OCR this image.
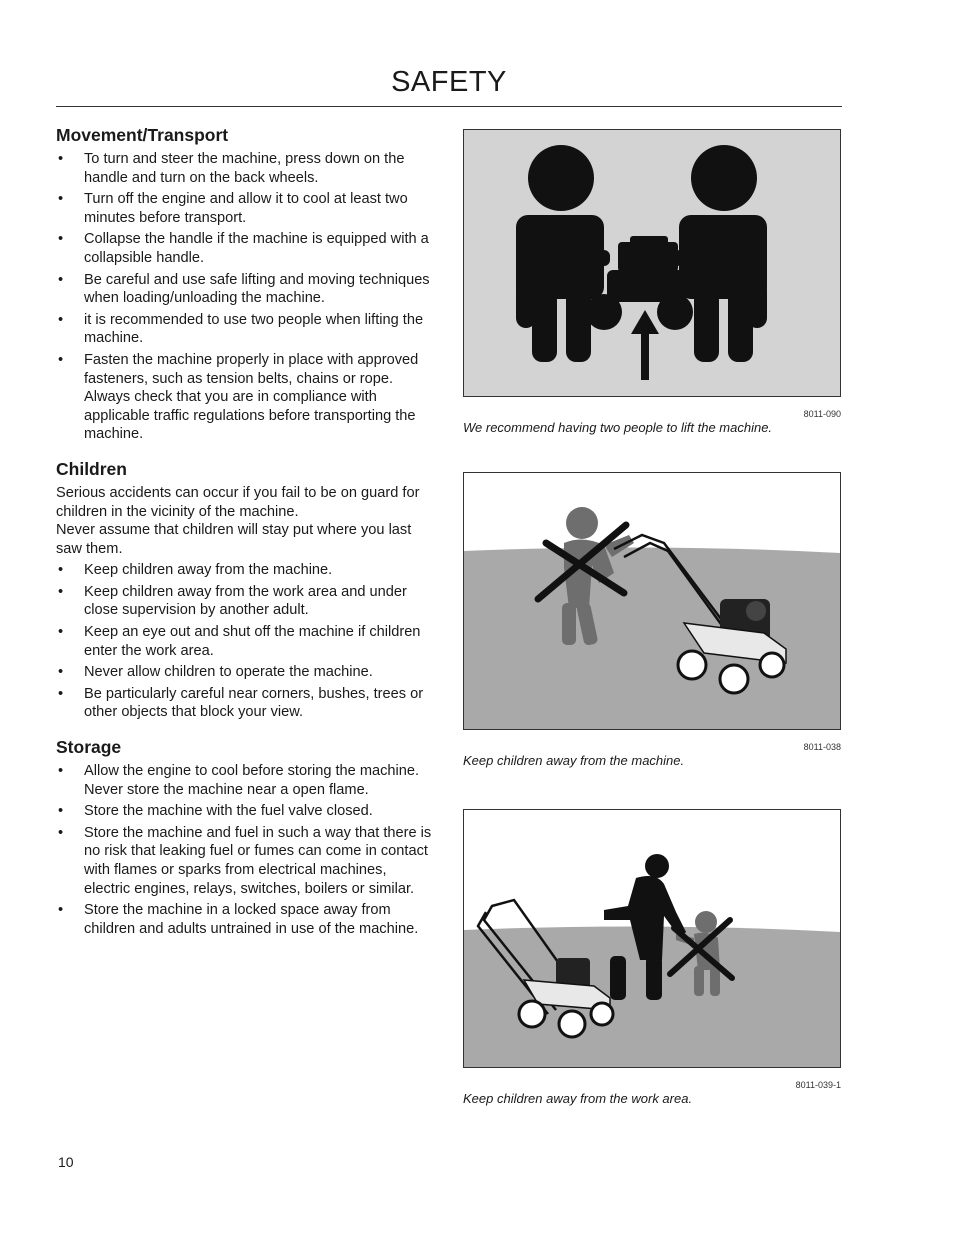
SAFETY
Movement/Transport
• To turn and steer the machine, press down on the handle and turn on the back wheels.
• Turn off the engine and allow it to cool at least two minutes before transport.
• Collapse the handle if the machine is equipped with a collapsible handle.
• Be careful and use safe lifting and moving techniques when loading/unloading the machine.
• it is recommended to use two people when lifting the machine.
• Fasten the machine properly in place with approved fasteners, such as tension belts, chains or rope. Always check that you are in compliance with applicable traffic regulations before transporting the machine.
Children

Serious accidents can occur if you fail to be on guard for children in the vicinity of the machine.

Never assume that children will stay put where you last saw them.

• Keep children away from the machine.
• Keep children away from the work area and under close supervision by another adult.
• Keep an eye out and shut off the machine if children enter the work area.
• Never allow children to operate the machine.
• Be particularly careful near corners, bushes, trees or other objects that block your view.
Storage
• Allow the engine to cool before storing the machine. Never store the machine near a open flame.
• Store the machine with the fuel valve closed.
• Store the machine and fuel in such a way that there is no risk that leaking fuel or fumes can come in contact with flames or sparks from electrical machines, electric engines, relays, switches, boilers or similar.
• Store the machine in a locked space away from children and adults untrained in use of the machine.
8011-090
We recommend having two people to lift the machine.
8011-038
Keep children away from the machine.
8011-039-1
Keep children away from the work area.
10
